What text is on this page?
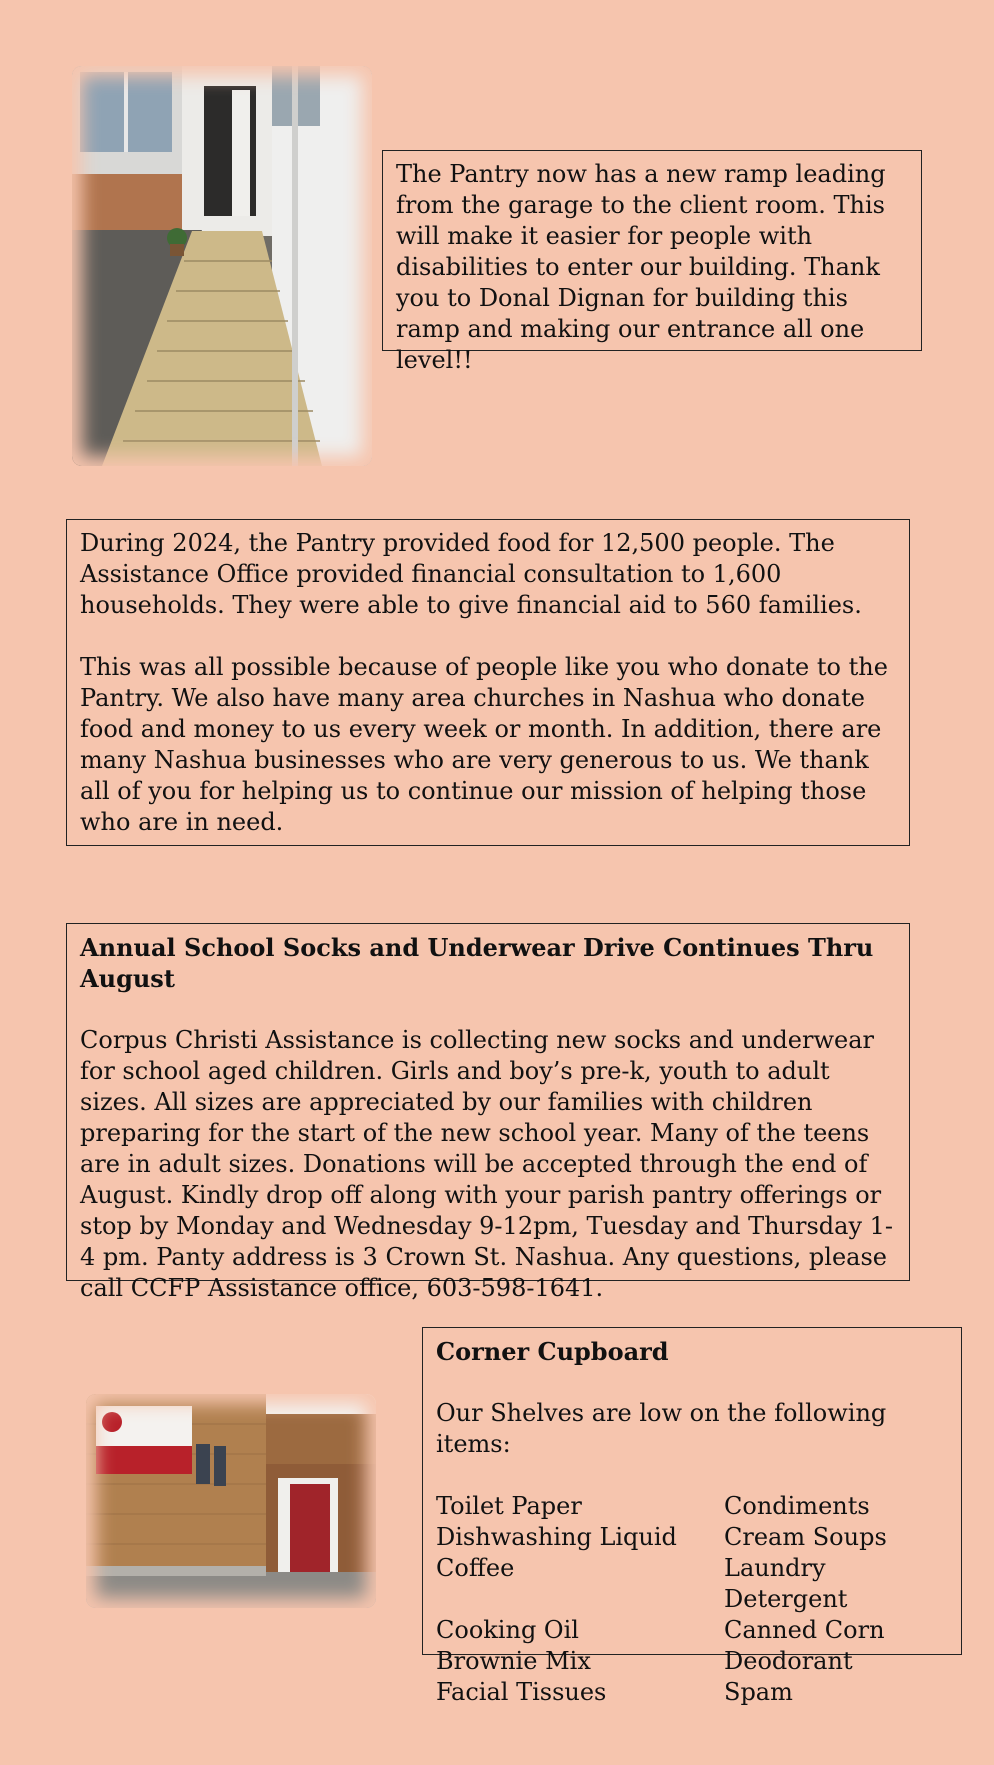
The Pantry now has a new ramp leading from the garage to the client room. This will make it easier for people with disabilities to enter our building. Thank you to Donal Dignan for building this ramp and making our entrance all one level!!

During 2024, the Pantry provided food for 12,500 people. The Assistance Office provided financial consultation to 1,600 households. They were able to give financial aid to 560 families.

This was all possible because of people like you who donate to the Pantry. We also have many area churches in Nashua who donate food and money to us every week or month. In addition, there are many Nashua businesses who are very generous to us. We thank all of you for helping us to continue our mission of helping those who are in need.

Annual School Socks and Underwear Drive Continues Thru August

Corpus Christi Assistance is collecting new socks and underwear for school aged children. Girls and boy’s pre-k, youth to adult sizes. All sizes are appreciated by our families with children preparing for the start of the new school year. Many of the teens are in adult sizes. Donations will be accepted through the end of August. Kindly drop off along with your parish pantry offerings or stop by Monday and Wednesday 9-12pm, Tuesday and Thursday 1-4 pm. Panty address is 3 Crown St. Nashua. Any questions, please call CCFP Assistance office, 603-598-1641.

Corner Cupboard

Our Shelves are low on the following items:

Toilet Paper	Condiments
Dishwashing Liquid	Cream Soups
Coffee	Laundry Detergent
Cooking Oil	Canned Corn
Brownie Mix	Deodorant
Facial Tissues	Spam
